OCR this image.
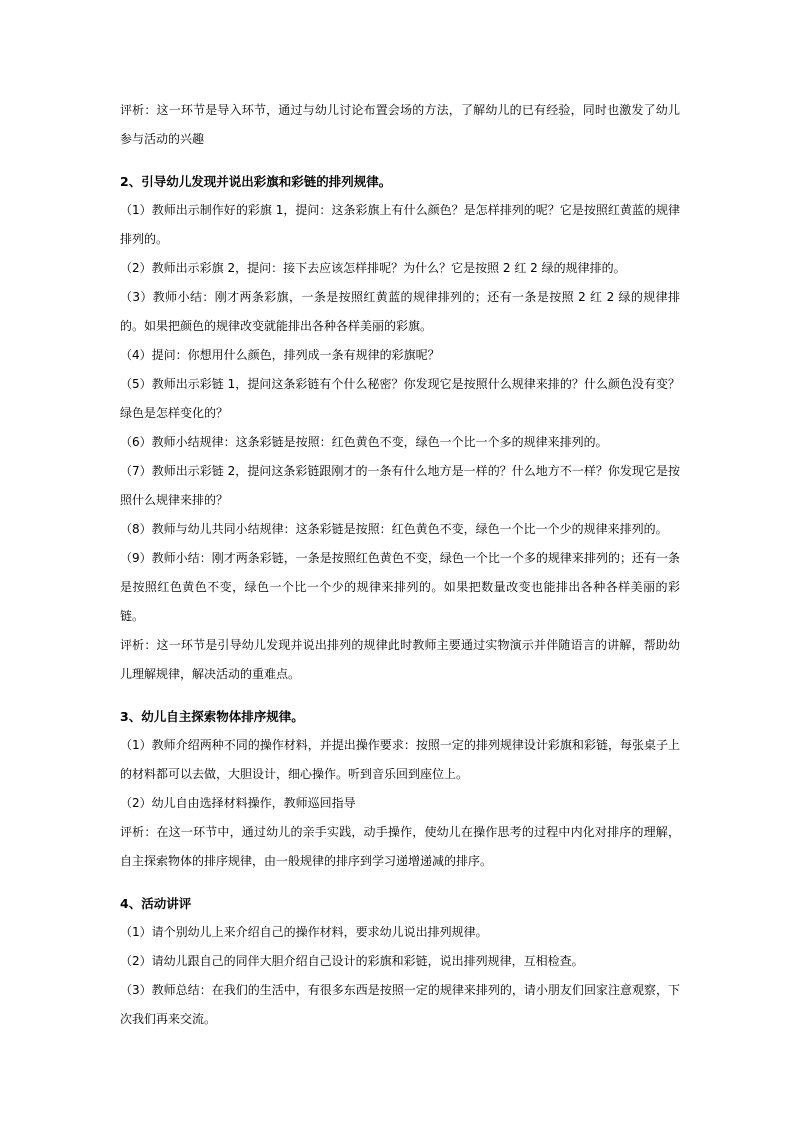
评析：这一环节是导入环节，通过与幼儿讨论布置会场的方法，了解幼儿的已有经验，同时也激发了幼儿参与活动的兴趣

2、引导幼儿发现并说出彩旗和彩链的排列规律。

（1）教师出示制作好的彩旗 1，提问：这条彩旗上有什么颜色？是怎样排列的呢？它是按照红黄蓝的规律排列的。

（2）教师出示彩旗 2，提问：接下去应该怎样排呢？为什么？它是按照 2 红 2 绿的规律排的。

（3）教师小结：刚才两条彩旗，一条是按照红黄蓝的规律排列的；还有一条是按照 2 红 2 绿的规律排的。如果把颜色的规律改变就能排出各种各样美丽的彩旗。

（4）提问：你想用什么颜色，排列成一条有规律的彩旗呢？

（5）教师出示彩链 1，提问这条彩链有个什么秘密？你发现它是按照什么规律来排的？什么颜色没有变？绿色是怎样变化的？

（6）教师小结规律：这条彩链是按照：红色黄色不变，绿色一个比一个多的规律来排列的。

（7）教师出示彩链 2，提问这条彩链跟刚才的一条有什么地方是一样的？什么地方不一样？你发现它是按照什么规律来排的？

（8）教师与幼儿共同小结规律：这条彩链是按照：红色黄色不变，绿色一个比一个少的规律来排列的。

（9）教师小结：刚才两条彩链，一条是按照红色黄色不变，绿色一个比一个多的规律来排列的；还有一条是按照红色黄色不变，绿色一个比一个少的规律来排列的。如果把数量改变也能排出各种各样美丽的彩链。

评析：这一环节是引导幼儿发现并说出排列的规律此时教师主要通过实物演示并伴随语言的讲解，帮助幼儿理解规律，解决活动的重难点。

3、幼儿自主探索物体排序规律。

（1）教师介绍两种不同的操作材料，并提出操作要求：按照一定的排列规律设计彩旗和彩链，每张桌子上的材料都可以去做，大胆设计，细心操作。听到音乐回到座位上。

（2）幼儿自由选择材料操作，教师巡回指导

评析：在这一环节中，通过幼儿的亲手实践，动手操作，使幼儿在操作思考的过程中内化对排序的理解，自主探索物体的排序规律，由一般规律的排序到学习递增递减的排序。

4、活动讲评

（1）请个别幼儿上来介绍自己的操作材料，要求幼儿说出排列规律。

（2）请幼儿跟自己的同伴大胆介绍自己设计的彩旗和彩链，说出排列规律，互相检查。

（3）教师总结：在我们的生活中，有很多东西是按照一定的规律来排列的，请小朋友们回家注意观察，下次我们再来交流。
